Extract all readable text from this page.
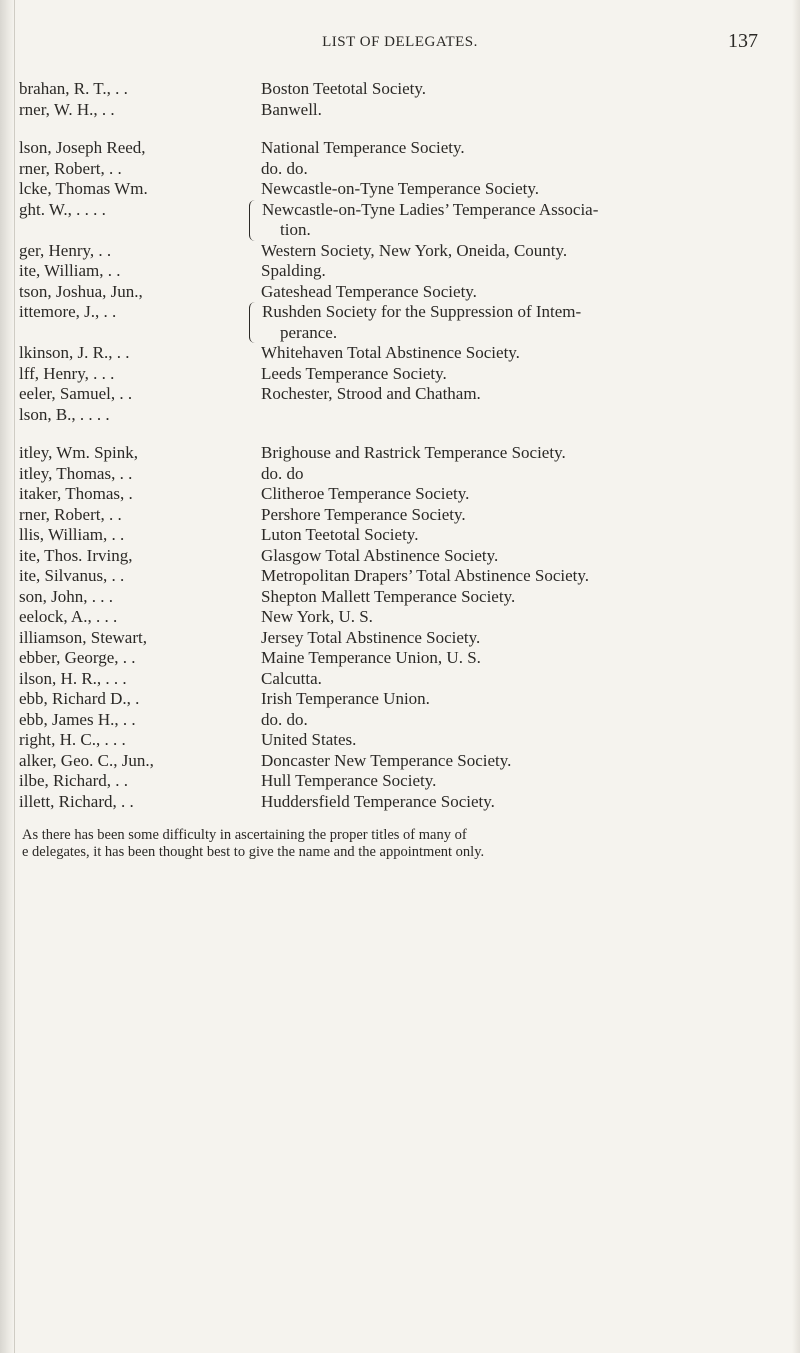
LIST OF DELEGATES.	137
brahan, R. T., . .	Boston Teetotal Society.
rner, W. H., . .	Banwell.
lson, Joseph Reed,	National Temperance Society.
rner, Robert, . .	do. do.
lcke, Thomas Wm.	Newcastle-on-Tyne Temperance Society.
ght. W., . . . .	Newcastle-on-Tyne Ladies’ Temperance Associa-
tion.
ger, Henry, . .	Western Society, New York, Oneida, County.
ite, William, . .	Spalding.
tson, Joshua, Jun.,	Gateshead Temperance Society.
ittemore, J., . .	Rushden Society for the Suppression of Intem-
perance.
lkinson, J. R., . .	Whitehaven Total Abstinence Society.
lff, Henry, . . .	Leeds Temperance Society.
eeler, Samuel, . .	Rochester, Strood and Chatham.
lson, B., . . . .
itley, Wm. Spink,	Brighouse and Rastrick Temperance Society.
itley, Thomas, . .	do. do
itaker, Thomas, .	Clitheroe Temperance Society.
rner, Robert, . .	Pershore Temperance Society.
llis, William, . .	Luton Teetotal Society.
ite, Thos. Irving,	Glasgow Total Abstinence Society.
ite, Silvanus, . .	Metropolitan Drapers’ Total Abstinence Society.
son, John, . . .	Shepton Mallett Temperance Society.
eelock, A., . . .	New York, U. S.
illiamson, Stewart,	Jersey Total Abstinence Society.
ebber, George, . .	Maine Temperance Union, U. S.
ilson, H. R., . . .	Calcutta.
ebb, Richard D., .	Irish Temperance Union.
ebb, James H., . .	do. do.
right, H. C., . . .	United States.
alker, Geo. C., Jun.,	Doncaster New Temperance Society.
ilbe, Richard, . .	Hull Temperance Society.
illett, Richard, . .	Huddersfield Temperance Society.

As there has been some difficulty in ascertaining the proper titles of many of

e delegates, it has been thought best to give the name and the appointment only.
